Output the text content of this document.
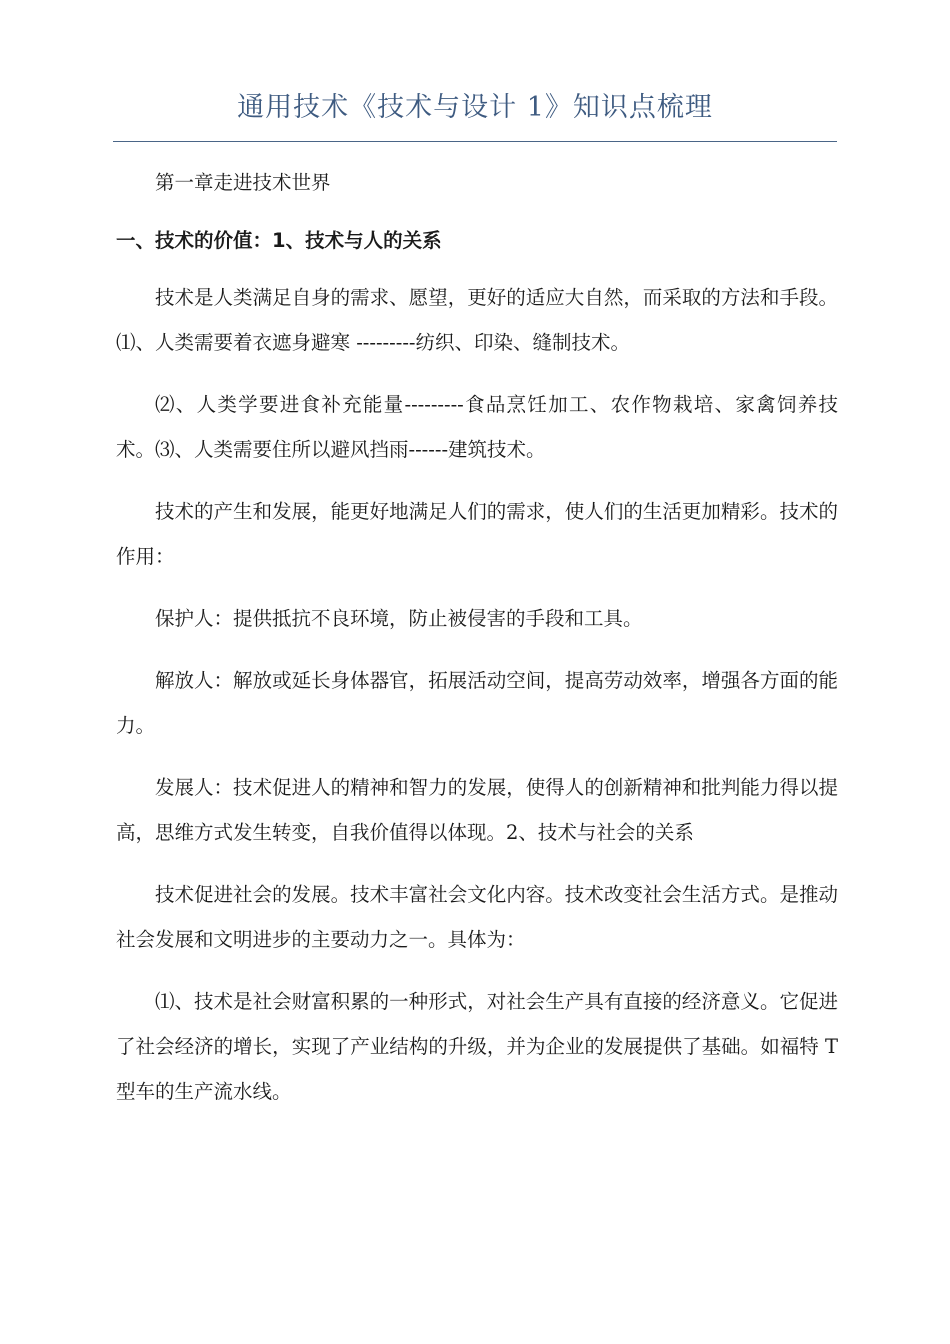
通用技术《技术与设计 1》知识点梳理

第一章走进技术世界

一、技术的价值：1、技术与人的关系

技术是人类满足自身的需求、愿望，更好的适应大自然，而采取的方法和手段。⑴、人类需要着衣遮身避寒 ---------纺织、印染、缝制技术。

⑵、人类学要进食补充能量---------食品烹饪加工、农作物栽培、家禽饲养技术。⑶、人类需要住所以避风挡雨------建筑技术。

技术的产生和发展，能更好地满足人们的需求，使人们的生活更加精彩。技术的作用：

保护人：提供抵抗不良环境，防止被侵害的手段和工具。

解放人：解放或延长身体器官，拓展活动空间，提高劳动效率，增强各方面的能力。

发展人：技术促进人的精神和智力的发展，使得人的创新精神和批判能力得以提高，思维方式发生转变，自我价值得以体现。2、技术与社会的关系

技术促进社会的发展。技术丰富社会文化内容。技术改变社会生活方式。是推动社会发展和文明进步的主要动力之一。具体为：

⑴、技术是社会财富积累的一种形式，对社会生产具有直接的经济意义。它促进了社会经济的增长，实现了产业结构的升级，并为企业的发展提供了基础。如福特 T 型车的生产流水线。
